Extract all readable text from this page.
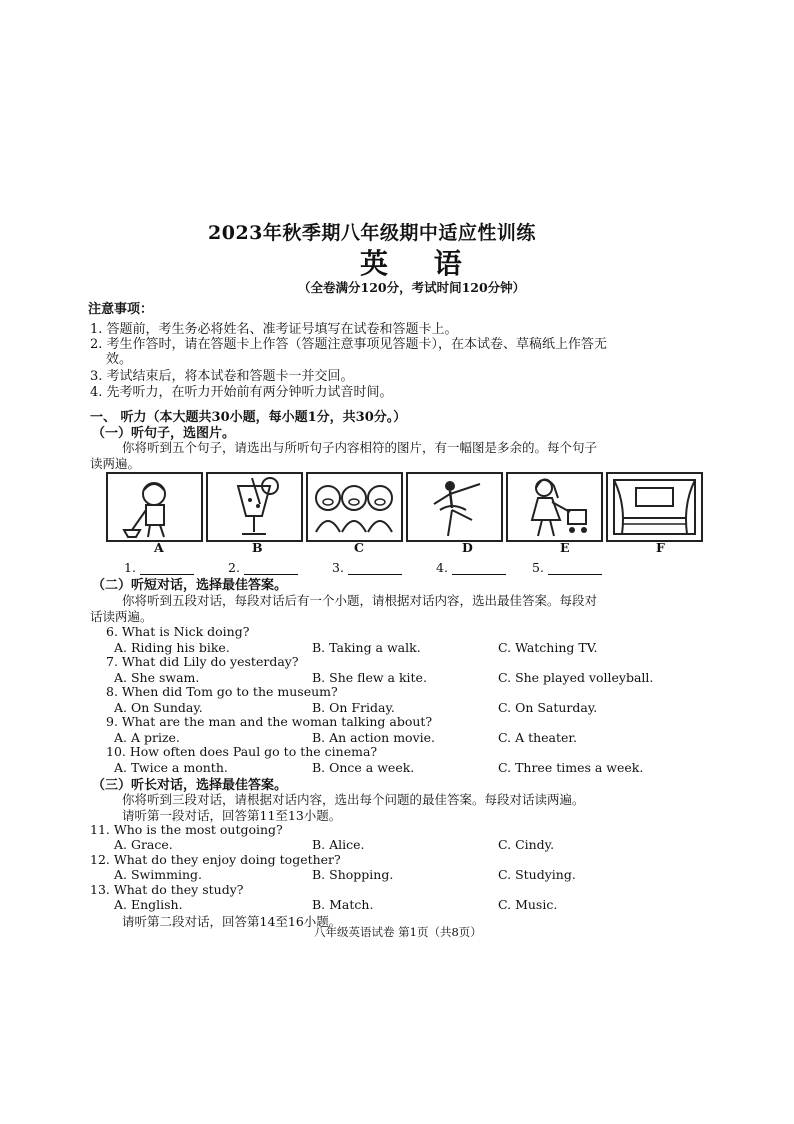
2023年秋季期八年级期中适应性训练
英 语
（全卷满分120分，考试时间120分钟）
注意事项：
1. 答题前，考生务必将姓名、准考证号填写在试卷和答题卡上。
2. 考生作答时，请在答题卡上作答（答题注意事项见答题卡），在本试卷、草稿纸上作答无
效。
3. 考试结束后，将本试卷和答题卡一并交回。
4. 先考听力，在听力开始前有两分钟听力试音时间。
一、 听力（本大题共30小题，每小题1分，共30分。）
（一）听句子，选图片。
你将听到五个句子，请选出与所听句子内容相符的图片，有一幅图是多余的。每个句子
读两遍。
A	B	C	D	E	F
1.	2.	3.	4.	5.
（二）听短对话，选择最佳答案。
你将听到五段对话，每段对话后有一个小题，请根据对话内容，选出最佳答案。每段对
话读两遍。
6. What is Nick doing?
A. Riding his bike.	B. Taking a walk.	C. Watching TV.
7. What did Lily do yesterday?
A. She swam.	B. She flew a kite.	C. She played volleyball.
8. When did Tom go to the museum?
A. On Sunday.	B. On Friday.	C. On Saturday.
9. What are the man and the woman talking about?
A. A prize.	B. An action movie.	C. A theater.
10. How often does Paul go to the cinema?
A. Twice a month.	B. Once a week.	C. Three times a week.
（三）听长对话，选择最佳答案。
你将听到三段对话，请根据对话内容，选出每个问题的最佳答案。每段对话读两遍。
请听第一段对话，回答第11至13小题。
11. Who is the most outgoing?
A. Grace.	B. Alice.	C. Cindy.
12. What do they enjoy doing together?
A. Swimming.	B. Shopping.	C. Studying.
13. What do they study?
A. English.	B. Match.	C. Music.
请听第二段对话，回答第14至16小题。
八年级英语试卷 第1页（共8页）
